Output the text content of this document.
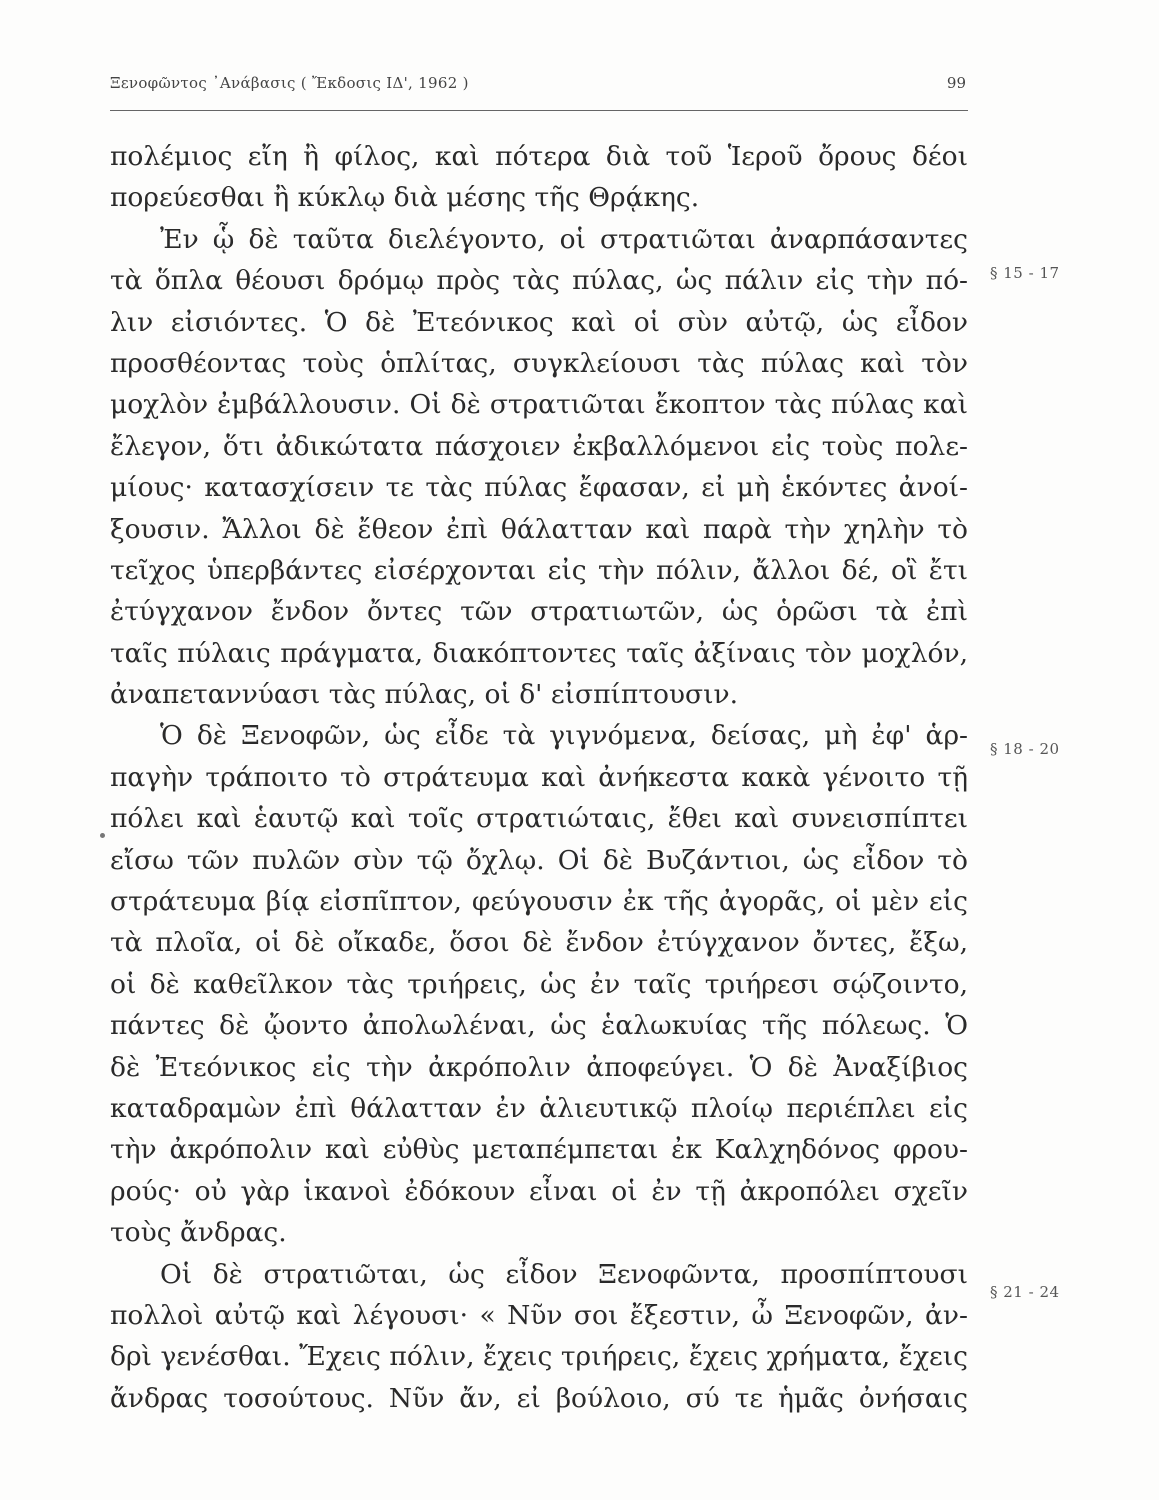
Ξενοφῶντος ᾿Ανάβασις ( Ἔκδοσις ΙΔ', 1962 )	99
πολέμιος εἴη ἢ φίλος, καὶ πότερα διὰ τοῦ Ἱεροῦ ὄρους δέοι
πορεύεσθαι ἢ κύκλῳ διὰ μέσης τῆς Θρᾴκης.
Ἐν ᾧ δὲ ταῦτα διελέγοντο, οἱ στρατιῶται ἀναρπάσαντες
τὰ ὅπλα θέουσι δρόμῳ πρὸς τὰς πύλας, ὡς πάλιν εἰς τὴν πό-
λιν εἰσιόντες. Ὁ δὲ Ἐτεόνικος καὶ οἱ σὺν αὐτῷ, ὡς εἶδον
προσθέοντας τοὺς ὁπλίτας, συγκλείουσι τὰς πύλας καὶ τὸν
μοχλὸν ἐμβάλλουσιν. Οἱ δὲ στρατιῶται ἔκοπτον τὰς πύλας καὶ
ἔλεγον, ὅτι ἀδικώτατα πάσχοιεν ἐκβαλλόμενοι εἰς τοὺς πολε-
μίους· κατασχίσειν τε τὰς πύλας ἔφασαν, εἰ μὴ ἑκόντες ἀνοί-
ξουσιν. Ἄλλοι δὲ ἔθεον ἐπὶ θάλατταν καὶ παρὰ τὴν χηλὴν τὸ
τεῖχος ὑπερβάντες εἰσέρχονται εἰς τὴν πόλιν, ἄλλοι δέ, οἳ ἔτι
ἐτύγχανον ἔνδον ὄντες τῶν στρατιωτῶν, ὡς ὁρῶσι τὰ ἐπὶ
ταῖς πύλαις πράγματα, διακόπτοντες ταῖς ἀξίναις τὸν μοχλόν,
ἀναπεταννύασι τὰς πύλας, οἱ δ' εἰσπίπτουσιν.
Ὁ δὲ Ξενοφῶν, ὡς εἶδε τὰ γιγνόμενα, δείσας, μὴ ἐφ' ἁρ-
παγὴν τράποιτο τὸ στράτευμα καὶ ἀνήκεστα κακὰ γένοιτο τῇ
πόλει καὶ ἑαυτῷ καὶ τοῖς στρατιώταις, ἔθει καὶ συνεισπίπτει
εἴσω τῶν πυλῶν σὺν τῷ ὄχλῳ. Οἱ δὲ Βυζάντιοι, ὡς εἶδον τὸ
στράτευμα βίᾳ εἰσπῖπτον, φεύγουσιν ἐκ τῆς ἀγορᾶς, οἱ μὲν εἰς
τὰ πλοῖα, οἱ δὲ οἴκαδε, ὅσοι δὲ ἔνδον ἐτύγχανον ὄντες, ἔξω,
οἱ δὲ καθεῖλκον τὰς τριήρεις, ὡς ἐν ταῖς τριήρεσι σῴζοιντο,
πάντες δὲ ᾤοντο ἀπολωλέναι, ὡς ἑαλωκυίας τῆς πόλεως. Ὁ
δὲ Ἐτεόνικος εἰς τὴν ἀκρόπολιν ἀποφεύγει. Ὁ δὲ Ἀναξίβιος
καταδραμὼν ἐπὶ θάλατταν ἐν ἁλιευτικῷ πλοίῳ περιέπλει εἰς
τὴν ἀκρόπολιν καὶ εὐθὺς μεταπέμπεται ἐκ Καλχηδόνος φρου-
ρούς· οὐ γὰρ ἱκανοὶ ἐδόκουν εἶναι οἱ ἐν τῇ ἀκροπόλει σχεῖν
τοὺς ἄνδρας.
Οἱ δὲ στρατιῶται, ὡς εἶδον Ξενοφῶντα, προσπίπτουσι
πολλοὶ αὐτῷ καὶ λέγουσι· « Νῦν σοι ἔξεστιν, ὦ Ξενοφῶν, ἀν-
δρὶ γενέσθαι. Ἔχεις πόλιν, ἔχεις τριήρεις, ἔχεις χρήματα, ἔχεις
ἄνδρας τοσούτους. Νῦν ἄν, εἰ βούλοιο, σύ τε ἡμᾶς ὀνήσαις
§ 15 - 17
§ 18 - 20
§ 21 - 24
